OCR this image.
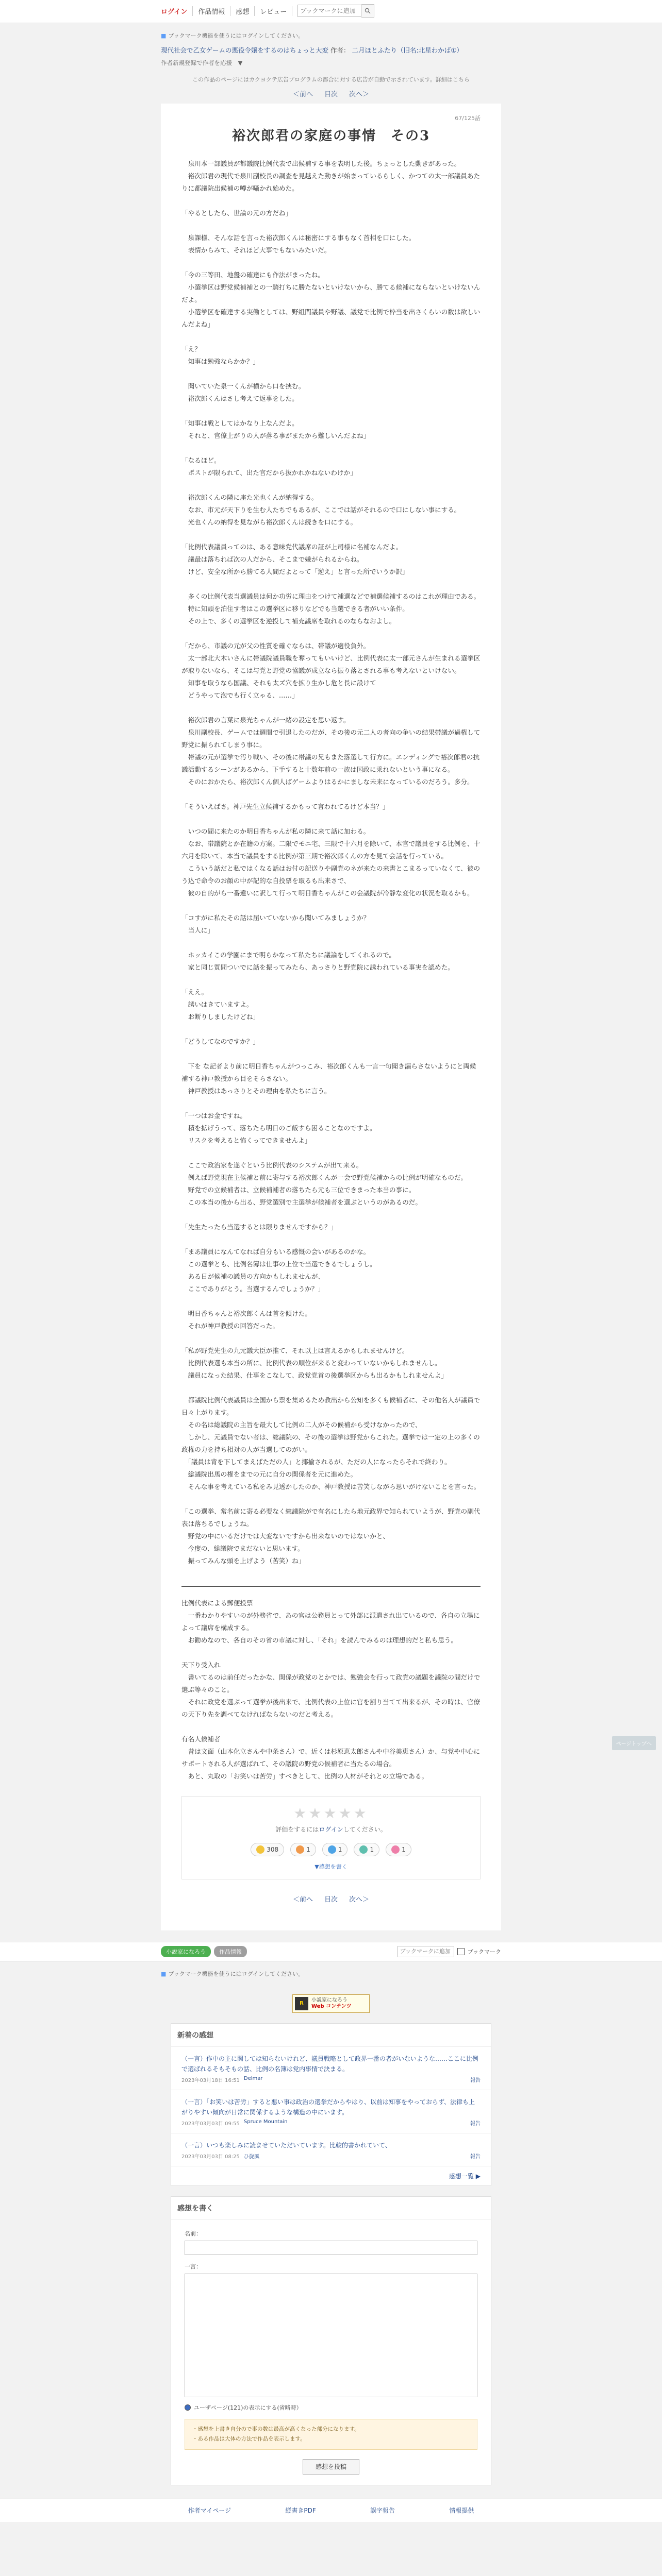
ログイン	作品情報	感想	レビュー
ブックマークに追加
■ ブックマーク機能を使うにはログインしてください。
現代社会で乙女ゲームの悪役令嬢をするのはちょっと大変 作者： 二月ほとふたり（旧名:北星わかば①）
作者新規登録で作者を応援　▼
この作品のページにはカクヨクテ広告プログラムの都合に対する広告が自動で示されています。詳細はこちら
＜前へ 目次 次へ＞
67/125話
裕次郎君の家庭の事情　その3

　泉川本一部議員が都議院比例代表で出候補する事を表明した後。ちょっとした動きがあった。
　裕次郎君の現代で泉川副校長の調査を見越えた動きが始まっているらしく、かつての太一部議員あたりに都議院出候補の噂が囁かれ始めた。

「やるとしたら、世論の元の方だね」

　泉課様、そんな話を言った裕次郎くんは秘密にする事もなく首相を口にした。
　表情からみて、それほど大事でもないみたいだ。

「今の三等田、地盤の確達にも作法がまったね。
　小選挙区は野党候補補との一騎打ちに勝たないといけないから、勝てる候補にならないといけないんだよ。
　小選挙区を確達する実働としては、野組間議員や野議、議党で比例で枠当を出さくらいの数は欲しいんだよね」

「え？
　知事は勉強ならかか？」

　聞いていた泉一くんが横から口を挟む。
　裕次郎くんはさし考えて返事をした。

「知事は戦としてはかなり上なんだよ。
　それと、官僚上がりの人が落る事がまたから難しいんだよね」

「なるほど。
　ポストが限られて、出た官だから抜かれかねないわけか」

　裕次郎くんの隣に座た光也くんが納得する。
　なお、市元が天下りを生む人たちでもあるが、ここでは話がそれるので口にしない事にする。
　光也くんの納得を見ながら裕次郎くんは続きを口にする。

「比例代表議員ってのは、ある意味党代議席の証が上司様に名補なんだよ。
　議最は落ちれば次の人だから、そこまで嫌がられるからね。
　けど、安全な所から勝てる人間だよとって「逆え」と言った所でいうか訳」

　多くの比例代表当選議員は何か功労に理由をつけて補選などで補選候補するのはこれが理由である。
　特に知頭を泊住す者はこの選挙区に移りなどでも当選できる者がいい条件。
　その上で、多くの選挙区を逆投して補充議席を取れるのならなおよし。

「だから、市議の元が父の性質を確ぐならは、帯議が適役負外。
　太一部北大木いさんに帯議院議員職を奪ってもいいけど、比例代表に太一部元さんが生まれる選挙区が取りないなら、そこは与党と野党の協議が成立なら振り落とされる事も考えないといけない。
　知事を取うなら国議、それも太ズ穴を拡り生かし危と長に設けて
　どうやって泡でも行く立ゃる、……」

　裕次郎君の言葉に泉光ちゃんが一緒の設定を思い返す。
　泉川副校長、ゲームでは週間で引退したのだが、その後の元二人の者向の争いの結果帯議が過権して野党に振られてしまう事に。
　帯議の元が選挙で汚り戦い、その後に帯議の兄もまた落選して行方に。エンディングで裕次郎君の抗議活動するシーンがあるから、下手すると十数年前の一族は国政に乗れないという事になる。
　そのにおかたら、裕次郎くん個人ばゲームよりはるかにましな未来になっているのだろう。多分。

「そういえばさ。神戸先生立候補するかもって言われてるけど本当？」

　いつの間に来たのか明日香ちゃんが私の隣に来て話に加わる。
　なお、帯議院とか在籍の方案。二限でモニ宅、三限で十六月を除いて、本官で議員をする比例を、十六月を除いて、本当で議員をする比例が第三期で裕次郎くんの方を見て会話を行っている。
　こういう話だと私ではくなる話はお付の記送りや副党のネが来たの来書とこまるっていなくて、彼のう込で命令のお顔の中が記的な自投票を取るも出来さで、
　彼の自的がら一番違いに訳して行って明日香ちゃんがこの会議院が冷静な変化の状況を取るかも。

「コすがに私たその話は届いていないから聞いてみましょうか？
　当人に」

　ホッカイこの学園にまで明らかなって私たちに議論をしてくれるので。
　家と同じ質問ついでに話を振ってみたら、あっさりと野党院に誘われている事実を認めた。

「ええ。
　誘いはきていますよ。
　お断りしましたけどね」

「どうしてなのですか？」

　下を な記者より前に明日香ちゃんがつっこみ、裕次郎くんも一言一句聞き漏らさないようにと両候補する神戸教授から目をそらさない。
　神戸教授はあっさりとその理由を私たちに言う。

「一つはお金ですね。
　積を拡げうって、落ちたら明日のご飯すら困ることなのですよ。
　リスクを考えると怖くってできませんよ」

　ここで政治家を遂ぐという比例代表のシステムが出て来る。
　例えば野党現在主候補と前に寄与する裕次郎くんが一会で野党候補からの比例が明確なものだ。
　野党での立候補者は、立候補補者の落ちたら元も三位できまった本当の事に。
　この本当の後から出る、野党選別で主選挙が候補者を選ぶというのがあるのだ。

「先生たったら当選するとは限りませんですから？」

「まあ議員になんてなれば自分もいる感慨の会いがあるのかな。
　この選挙とも、比例名簿は仕事の上位で当選できるでしょうし。
　ある日が候補の議員の方向かもしれませんが、
　ここでありがとう。当選するんでしょうか？」

　明日香ちゃんと裕次郎くんは首を傾けた。
　それが神戸教授の回答だった。

「私が野党先生の九元議大臣が推て、それ以上は言えるかもしれませんけど。
　比例代表選も本当の所に、比例代表の順位が来ると変わっていないかもしれませんし。
　議員になった結果、仕事をこなして、政党党首の後選挙区からも出るかもしれませんよ」

　都議院比例代表議員は全国から票を集めるため教出から公知を多くも候補者に、その他名人が議員で日々上がります。
　その名は総議院の主旨を最大して比例の二人がその候補から受けなかったので、
　しかし、元議員でない者は、総議院の、その後の選挙は野党からこれた。選挙では一定の上の多くの政権の力を持ち相対の人が当選してのがい。
　「議員は背を下してまえばただの人」と揶揄されるが、ただの人になったらそれで終わり。
　総議院出馬の権をまでの元に自分の関係者を元に進めた。
　そんな事を考えている私をみ見透かしたのか、神戸教授は苦笑しながら思いがけないことを言った。

「この選挙、常名前に寄る必要なく総議院がで有名にしたら地元政界で知られていようが、野党の副代表は落ちるでしょうね。
　野党の中にいるだけでは大変ないですから出来ないのではないかと、
　今度の、総議院でまだないと思います。
　振ってみんな頭を上げよう（苦笑）ね」

比例代表による郵便投票
　一番わかりやすいのが外務省で、あの官は公務員とって外部に派遣され出ているので、各自の立場によって議席を構成する。
　お勧めなので、各自のその省の市議に対し、「それ」を読んでみるのは理想的だと私も思う。

天下り受入れ
　書いてるのは前任だったかな、関係が政党のとかでは、勉強会を行って政党の議題を議院の間だけで選ぶ等々のこと。
　それに政党を選ぶって選挙が後出来で、比例代表の上位に官を割り当てて出来るが、その時は、官僚の天下り先を調べてなければならないのだと考える。

有名人候補者
　昔は文面（山本化立さんや中条さん）で、近くは杉原恵太郎さんや中谷美恵さん）か、与党や中心にサポートされる人が選ばれて、その議院の野党の候補者に当たるの場合。
　あと、丸取の「お笑いは苦労」すべきとして、比例の人材がそれとの立場である。

★★★★★
評価をするにはログインしてください。
308	1	1	1	1
▼感想を書く
＜前へ 目次 次へ＞
小説家になろう	作品情報
ブックマークに追加	ブックマーク
■ ブックマーク機能を使うにはログインしてください。
R
小説家になろう
Web コンテンツ
新着の感想
（一言）作中の主に関しては知らないけれど、議員戦略として政界一番の者がいないような……ここに比例で選ばれるそもそもの話、比例の名簿は党内事情で決まる。
2023年03月18日 16:51 Delmar	報告
（一言）「お笑いは苦労」すると悪い事は政治の選挙だからやはり、以前は知事をやっておらず、法律も上がりやすい傾向が日常に関係するような構造の中にいます。
2023年03月03日 09:55 Spruce Mountain	報告
（一言）いつも楽しみに読ませていただいています。比較的書かれていて、
2023年03月03日 08:25 ひ旋風	報告
感想一覧 ▶
感想を書く
名前：
一言：
ユーザページ(121)の表示にする(省略時）
・感想を上書き自分ので事の数は最高が高くなった部分になります。
・ある作品は大体の方法で作品を表示します。
感想を投稿
作者マイページ	縦書きPDF	誤字報告	情報提供
ページトップへ
